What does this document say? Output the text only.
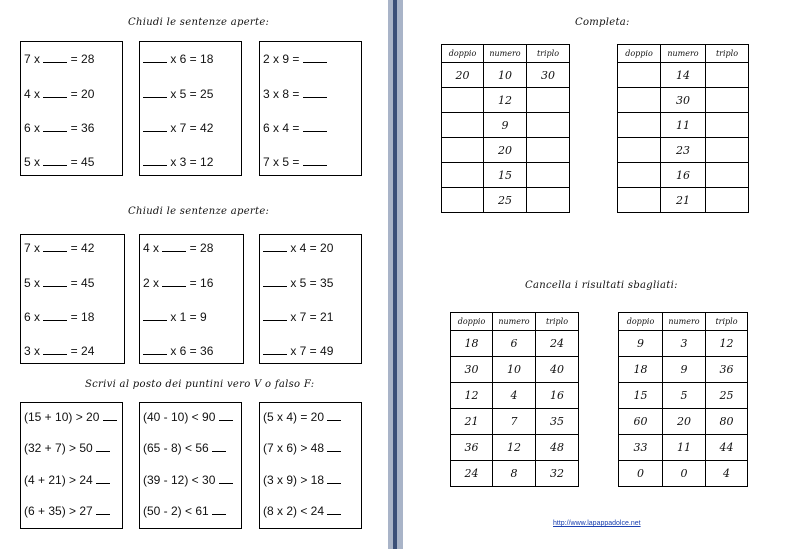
Chiudi le sentenze aperte:
7 x  = 28
4 x  = 20
6 x  = 36
5 x  = 45
x 6 = 18
x 5 = 25
x 7 = 42
x 3 = 12
2 x 9 =
3 x 8 =
6 x 4 =
7 x 5 =
Chiudi le sentenze aperte:
7 x  = 42
5 x  = 45
6 x  = 18
3 x  = 24
4 x  = 28
2 x  = 16
x 1 = 9
x 6 = 36
x 4 = 20
x 5 = 35
x 7 = 21
x 7 = 49
Scrivi al posto dei puntini vero V o falso F:
(15 + 10) > 20
(32 + 7) > 50
(4 + 21) > 24
(6 + 35) > 27
(40 - 10) < 90
(65 - 8) < 56
(39 - 12) < 30
(50 - 2) < 61
(5 x 4) = 20
(7 x 6) > 48
(3 x 9) > 18
(8 x 2) < 24
Completa:
doppio	numero	triplo
20	10	30
	12	
	9	
	20	
	15	
	25	
doppio	numero	triplo
	14	
	30	
	11	
	23	
	16	
	21	
Cancella i risultati sbagliati:
doppio	numero	triplo
18	6	24
30	10	40
12	4	16
21	7	35
36	12	48
24	8	32
doppio	numero	triplo
9	3	12
18	9	36
15	5	25
60	20	80
33	11	44
0	0	4
http://www.lapappadolce.net
